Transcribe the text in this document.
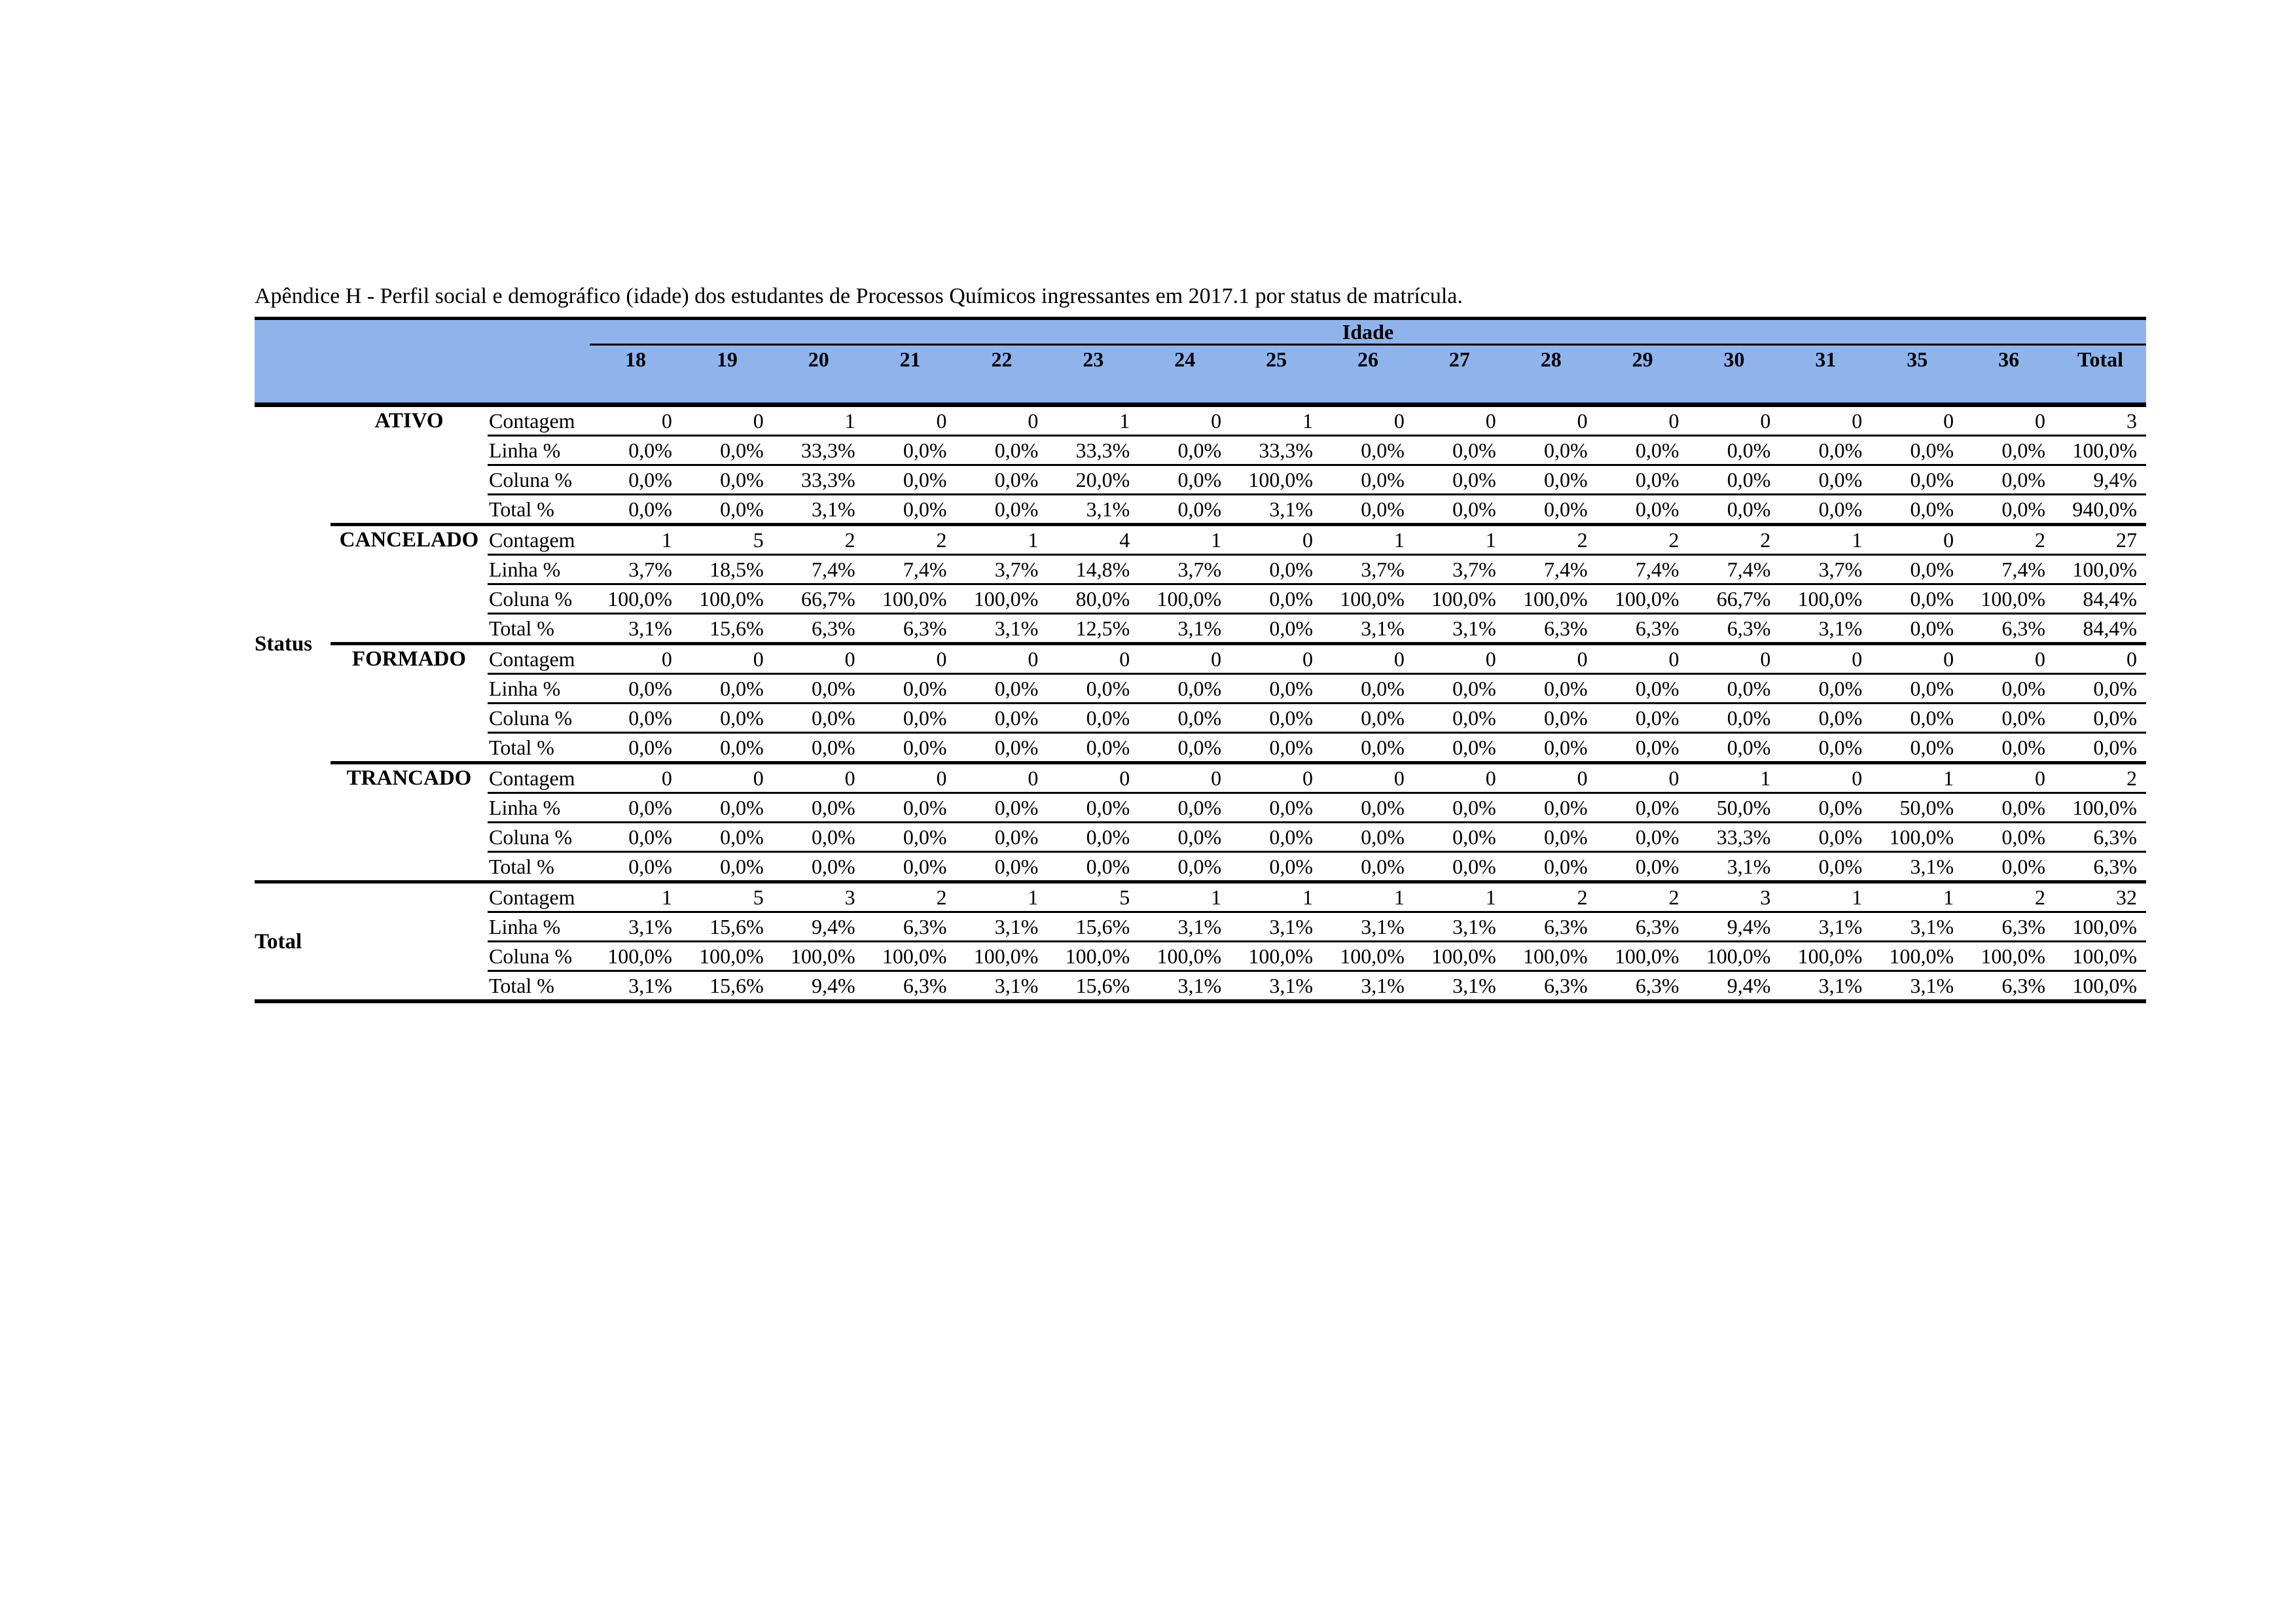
Apêndice H - Perfil social e demográfico (idade) dos estudantes de Processos Químicos ingressantes em 2017.1 por status de matrícula.
			Idade																
			18	19	20	21	22	23	24	25	26	27	28	29	30	31	35	36	Total

Status	ATIVO	Contagem	0	0	1	0	0	1	0	1	0	0	0	0	0	0	0	0	3
		Linha %	0,0%	0,0%	33,3%	0,0%	0,0%	33,3%	0,0%	33,3%	0,0%	0,0%	0,0%	0,0%	0,0%	0,0%	0,0%	0,0%	100,0%
		Coluna %	0,0%	0,0%	33,3%	0,0%	0,0%	20,0%	0,0%	100,0%	0,0%	0,0%	0,0%	0,0%	0,0%	0,0%	0,0%	0,0%	9,4%
		Total %	0,0%	0,0%	3,1%	0,0%	0,0%	3,1%	0,0%	3,1%	0,0%	0,0%	0,0%	0,0%	0,0%	0,0%	0,0%	0,0%	940,0%
	CANCELADO	Contagem	1	5	2	2	1	4	1	0	1	1	2	2	2	1	0	2	27
		Linha %	3,7%	18,5%	7,4%	7,4%	3,7%	14,8%	3,7%	0,0%	3,7%	3,7%	7,4%	7,4%	7,4%	3,7%	0,0%	7,4%	100,0%
		Coluna %	100,0%	100,0%	66,7%	100,0%	100,0%	80,0%	100,0%	0,0%	100,0%	100,0%	100,0%	100,0%	66,7%	100,0%	0,0%	100,0%	84,4%
		Total %	3,1%	15,6%	6,3%	6,3%	3,1%	12,5%	3,1%	0,0%	3,1%	3,1%	6,3%	6,3%	6,3%	3,1%	0,0%	6,3%	84,4%
	FORMADO	Contagem	0	0	0	0	0	0	0	0	0	0	0	0	0	0	0	0	0
		Linha %	0,0%	0,0%	0,0%	0,0%	0,0%	0,0%	0,0%	0,0%	0,0%	0,0%	0,0%	0,0%	0,0%	0,0%	0,0%	0,0%	0,0%
		Coluna %	0,0%	0,0%	0,0%	0,0%	0,0%	0,0%	0,0%	0,0%	0,0%	0,0%	0,0%	0,0%	0,0%	0,0%	0,0%	0,0%	0,0%
		Total %	0,0%	0,0%	0,0%	0,0%	0,0%	0,0%	0,0%	0,0%	0,0%	0,0%	0,0%	0,0%	0,0%	0,0%	0,0%	0,0%	0,0%
	TRANCADO	Contagem	0	0	0	0	0	0	0	0	0	0	0	0	1	0	1	0	2
		Linha %	0,0%	0,0%	0,0%	0,0%	0,0%	0,0%	0,0%	0,0%	0,0%	0,0%	0,0%	0,0%	50,0%	0,0%	50,0%	0,0%	100,0%
		Coluna %	0,0%	0,0%	0,0%	0,0%	0,0%	0,0%	0,0%	0,0%	0,0%	0,0%	0,0%	0,0%	33,3%	0,0%	100,0%	0,0%	6,3%
		Total %	0,0%	0,0%	0,0%	0,0%	0,0%	0,0%	0,0%	0,0%	0,0%	0,0%	0,0%	0,0%	3,1%	0,0%	3,1%	0,0%	6,3%
Total		Contagem	1	5	3	2	1	5	1	1	1	1	2	2	3	1	1	2	32
		Linha %	3,1%	15,6%	9,4%	6,3%	3,1%	15,6%	3,1%	3,1%	3,1%	3,1%	6,3%	6,3%	9,4%	3,1%	3,1%	6,3%	100,0%
		Coluna %	100,0%	100,0%	100,0%	100,0%	100,0%	100,0%	100,0%	100,0%	100,0%	100,0%	100,0%	100,0%	100,0%	100,0%	100,0%	100,0%	100,0%
		Total %	3,1%	15,6%	9,4%	6,3%	3,1%	15,6%	3,1%	3,1%	3,1%	3,1%	6,3%	6,3%	9,4%	3,1%	3,1%	6,3%	100,0%
